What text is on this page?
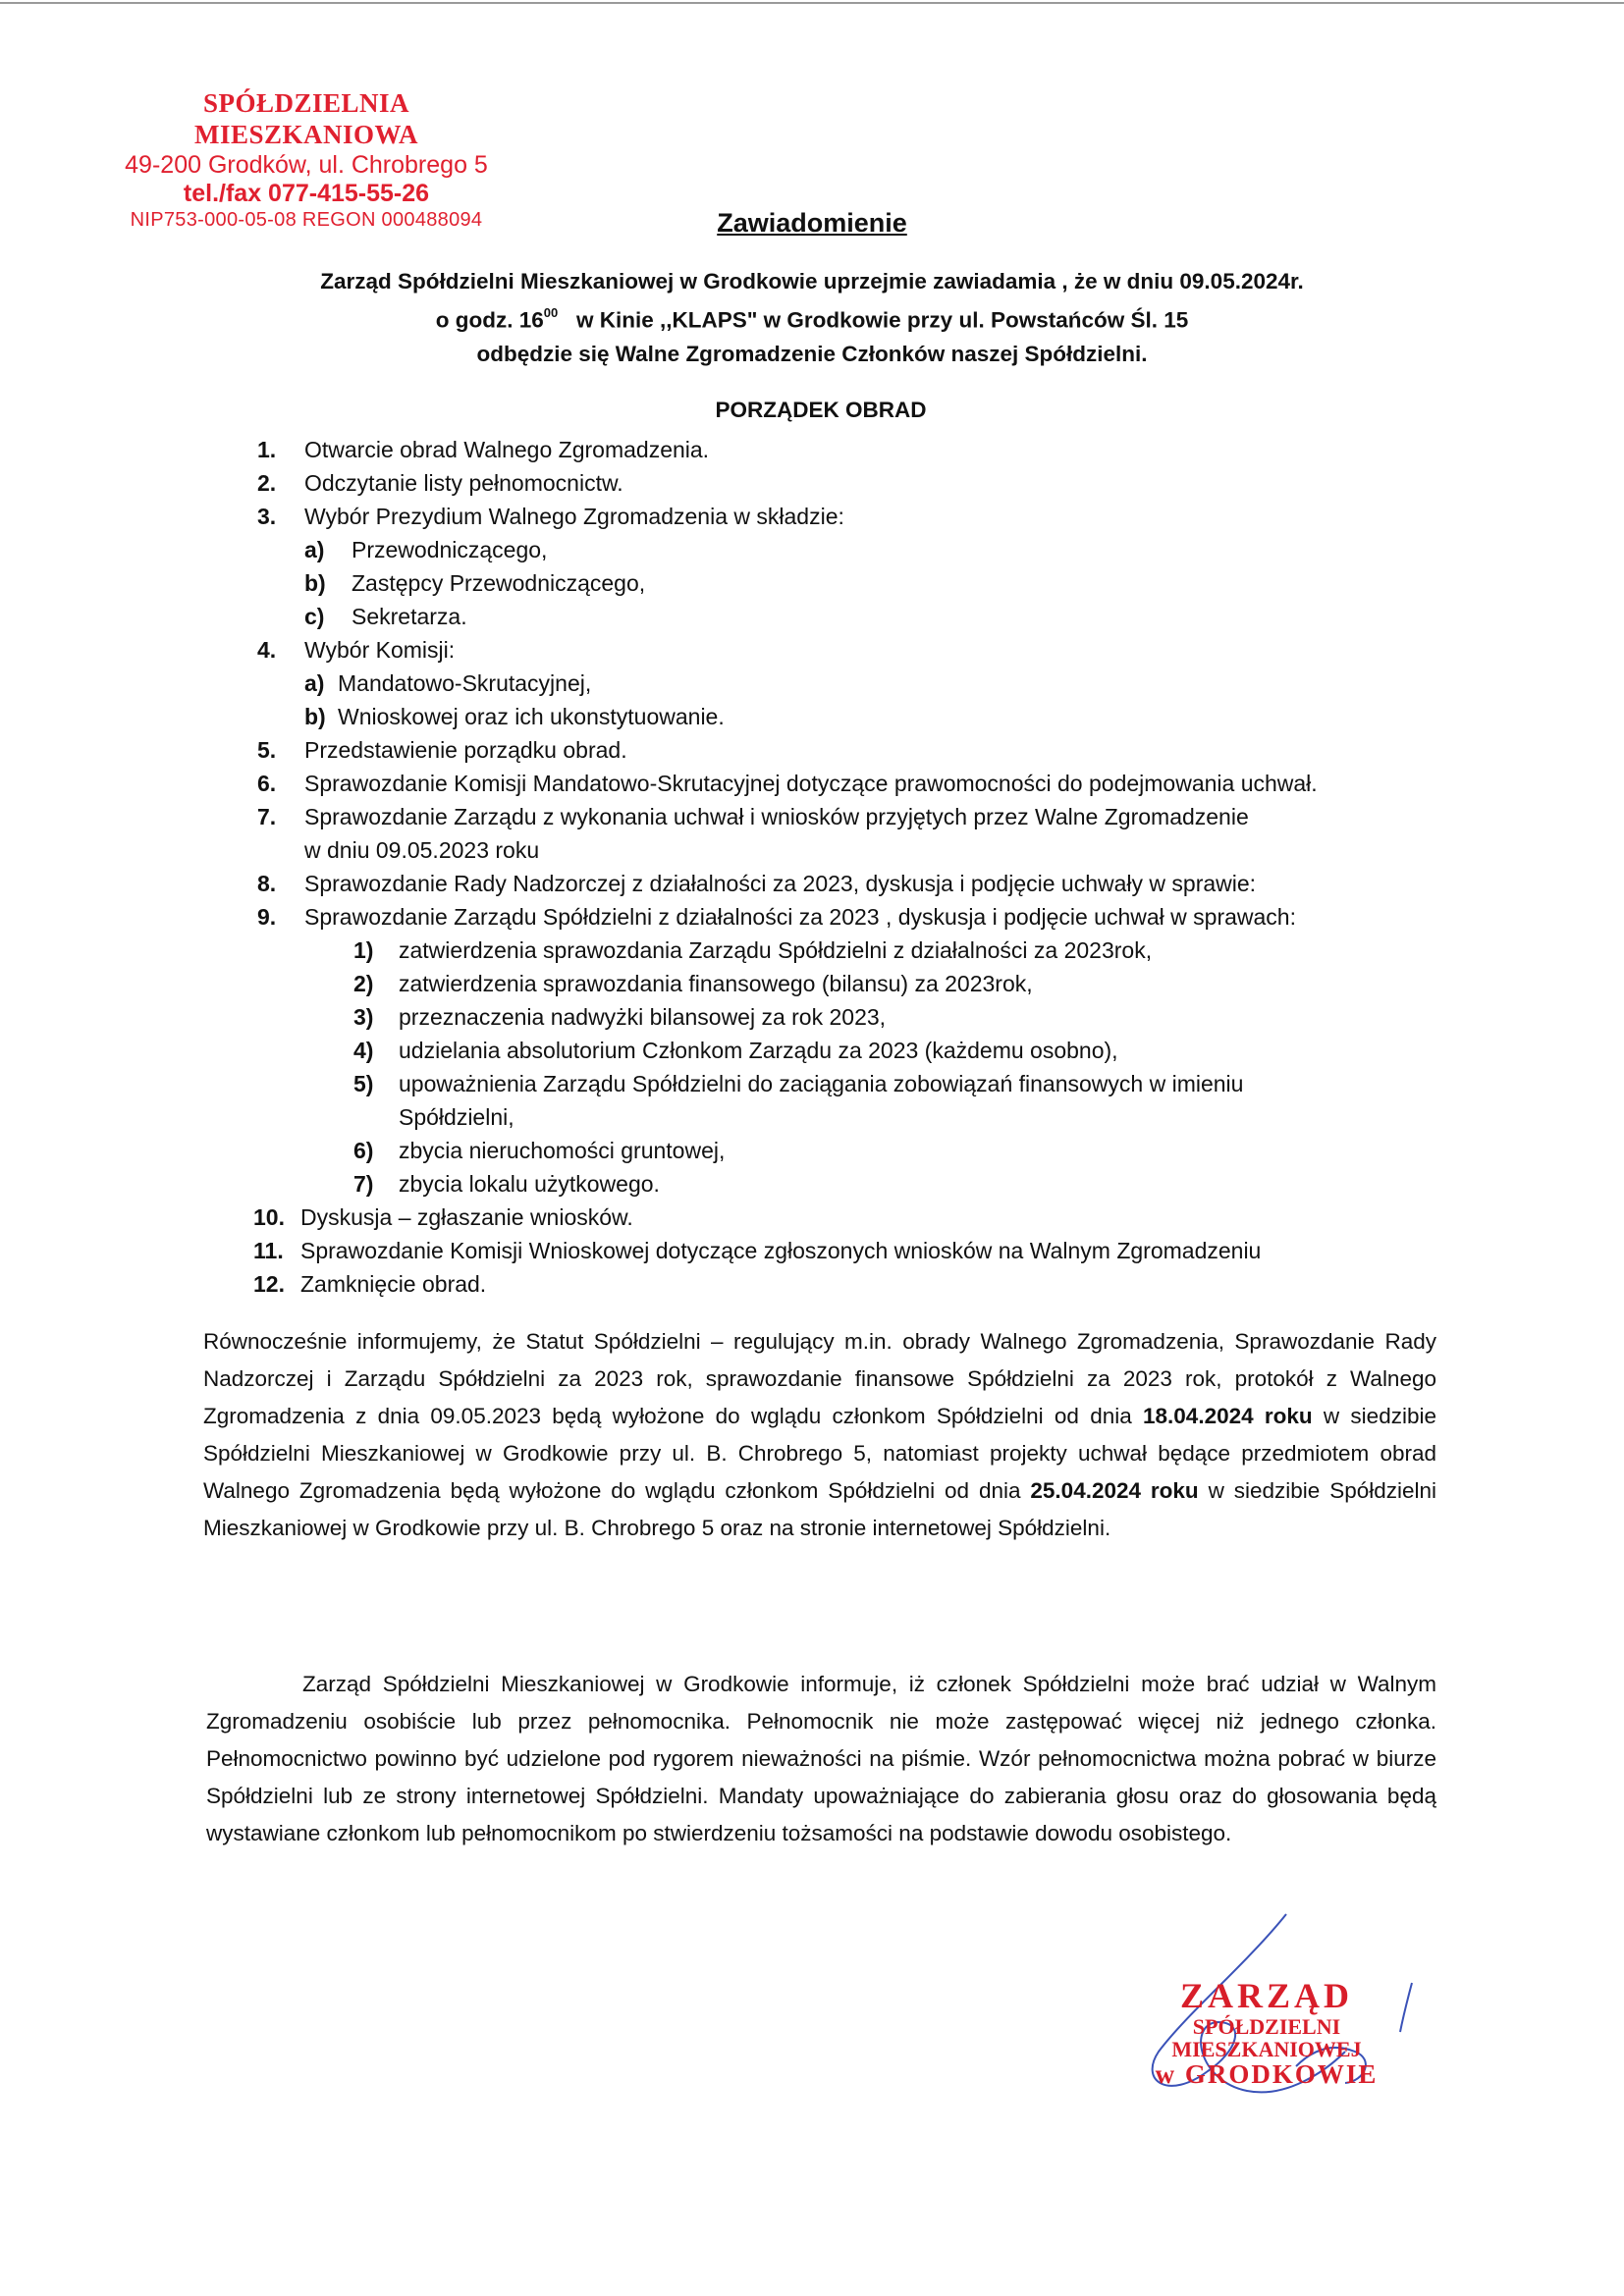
SPÓŁDZIELNIA MIESZKANIOWA
49-200 Grodków, ul. Chrobrego 5
tel./fax 077-415-55-26
NIP753-000-05-08 REGON 000488094	Zawiadomienie
Zarząd Spółdzielni Mieszkaniowej w Grodkowie uprzejmie zawiadamia , że w dniu 09.05.2024r.
o godz. $16^{00}$ w Kinie ,,KLAPS" w Grodkowie przy ul. Powstańców Śl. 15
odbędzie się Walne Zgromadzenie Członków naszej Spółdzielni.
PORZĄDEK OBRAD
1. Otwarcie obrad Walnego Zgromadzenia.
2. Odczytanie listy pełnomocnictw.
3. Wybór Prezydium Walnego Zgromadzenia w składzie:
a) Przewodniczącego,
b) Zastępcy Przewodniczącego,
c) Sekretarza.
4. Wybór Komisji:
a) Mandatowo-Skrutacyjnej,
b) Wnioskowej oraz ich ukonstytuowanie.
5. Przedstawienie porządku obrad.
6. Sprawozdanie Komisji Mandatowo-Skrutacyjnej dotyczące prawomocności do podejmowania uchwał.
7. Sprawozdanie Zarządu z wykonania uchwał i wniosków przyjętych przez Walne Zgromadzenie
w dniu 09.05.2023 roku
8. Sprawozdanie Rady Nadzorczej z działalności za 2023, dyskusja i podjęcie uchwały w sprawie:
9. Sprawozdanie Zarządu Spółdzielni z działalności za 2023 , dyskusja i podjęcie uchwał w sprawach:
1) zatwierdzenia sprawozdania Zarządu Spółdzielni z działalności za 2023rok,
2) zatwierdzenia sprawozdania finansowego (bilansu) za 2023rok,
3) przeznaczenia nadwyżki bilansowej za rok 2023,
4) udzielania absolutorium Członkom Zarządu za 2023 (każdemu osobno),
5) upoważnienia Zarządu Spółdzielni do zaciągania zobowiązań finansowych w imieniu
Spółdzielni,
6) zbycia nieruchomości gruntowej,
7) zbycia lokalu użytkowego.
10. Dyskusja – zgłaszanie wniosków.
11. Sprawozdanie Komisji Wnioskowej dotyczące zgłoszonych wniosków na Walnym Zgromadzeniu
12. Zamknięcie obrad.
Równocześnie informujemy, że Statut Spółdzielni – regulujący m.in. obrady Walnego Zgromadzenia, Sprawozdanie Rady Nadzorczej i Zarządu Spółdzielni za 2023 rok, sprawozdanie finansowe Spółdzielni za 2023 rok, protokół z Walnego Zgromadzenia z dnia 09.05.2023 będą wyłożone do wglądu członkom Spółdzielni od dnia 18.04.2024 roku w siedzibie Spółdzielni Mieszkaniowej w Grodkowie przy ul. B. Chrobrego 5, natomiast projekty uchwał będące przedmiotem obrad Walnego Zgromadzenia będą wyłożone do wglądu członkom Spółdzielni od dnia 25.04.2024 roku w siedzibie Spółdzielni Mieszkaniowej w Grodkowie przy ul. B. Chrobrego 5 oraz na stronie internetowej Spółdzielni.
Zarząd Spółdzielni Mieszkaniowej w Grodkowie informuje, iż członek Spółdzielni może brać udział w Walnym Zgromadzeniu osobiście lub przez pełnomocnika. Pełnomocnik nie może zastępować więcej niż jednego członka. Pełnomocnictwo powinno być udzielone pod rygorem nieważności na piśmie. Wzór pełnomocnictwa można pobrać w biurze Spółdzielni lub ze strony internetowej Spółdzielni. Mandaty upoważniające do zabierania głosu oraz do głosowania będą wystawiane członkom lub pełnomocnikom po stwierdzeniu tożsamości na podstawie dowodu osobistego.
ZARZĄD
SPÓŁDZIELNI MIESZKANIOWEJ
w GRODKOWIE
